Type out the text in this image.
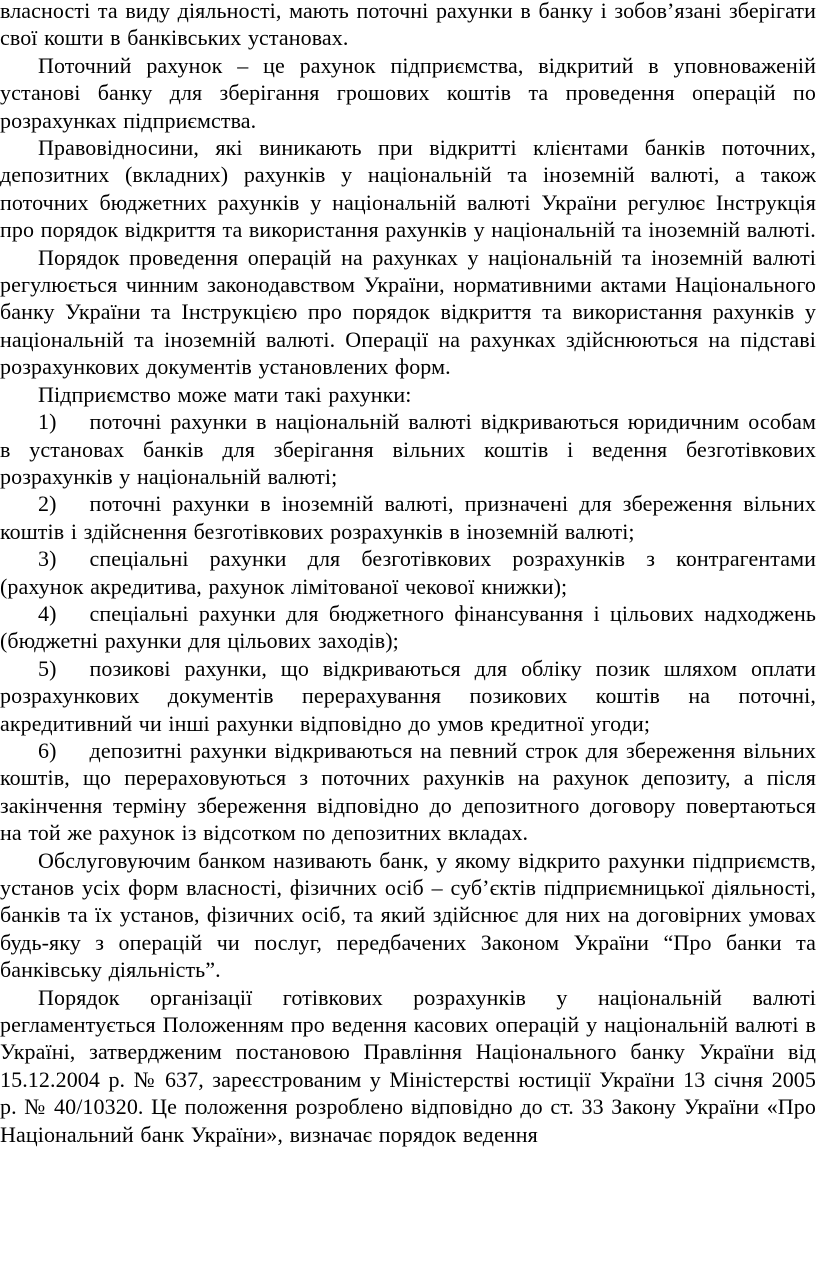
власності та виду діяльності, мають поточні рахунки в банку і зобов’язані зберігати свої кошти в банківських установах.

Поточний рахунок – це рахунок підприємства, відкритий в уповноваженій установі банку для зберігання грошових коштів та проведення операцій по розрахунках підприємства.

Правовідносини, які виникають при відкритті клієнтами банків поточних, депозитних (вкладних) рахунків у національній та іноземній валюті, а також поточних бюджетних рахунків у національній валюті України регулює Інструкція про порядок відкриття та використання рахунків у національній та іноземній валюті.

Порядок проведення операцій на рахунках у національній та іноземній валюті регулюється чинним законодавством України, нормативними актами Національного банку України та Інструкцією про порядок відкриття та використання рахунків у національній та іноземній валюті. Операції на рахунках здійснюються на підставі розрахункових документів установлених форм.

Підприємство може мати такі рахунки:

1) поточні рахунки в національній валюті відкриваються юридичним особам в установах банків для зберігання вільних коштів і ведення безготівкових розрахунків у національній валюті;

2) поточні рахунки в іноземній валюті, призначені для збереження вільних коштів і здійснення безготівкових розрахунків в іноземній валюті;

3) спеціальні рахунки для безготівкових розрахунків з контрагентами (рахунок акредитива, рахунок лімітованої чекової книжки);

4) спеціальні рахунки для бюджетного фінансування і цільових надходжень (бюджетні рахунки для цільових заходів);

5) позикові рахунки, що відкриваються для обліку позик шляхом оплати розрахункових документів перерахування позикових коштів на поточні, акредитивний чи інші рахунки відповідно до умов кредитної угоди;

6) депозитні рахунки відкриваються на певний строк для збереження вільних коштів, що перераховуються з поточних рахунків на рахунок депозиту, а після закінчення терміну збереження відповідно до депозитного договору повертаються на той же рахунок із відсотком по депозитних вкладах.

Обслуговуючим банком називають банк, у якому відкрито рахунки підприємств, установ усіх форм власності, фізичних осіб – суб’єктів підприємницької діяльності, банків та їх установ, фізичних осіб, та який здійснює для них на договірних умовах будь-яку з операцій чи послуг, передбачених Законом України “Про банки та банківську діяльність”.

Порядок організації готівкових розрахунків у національній валюті регламентується Положенням про ведення касових операцій у національній валюті в Україні, затвердженим постановою Правління Національного банку України від 15.12.2004 р. № 637, зареєстрованим у Міністерстві юстиції України 13 січня 2005 р. № 40/10320. Це положення розроблено відповідно до ст. 33 Закону України «Про Національний банк України», визначає порядок ведення
